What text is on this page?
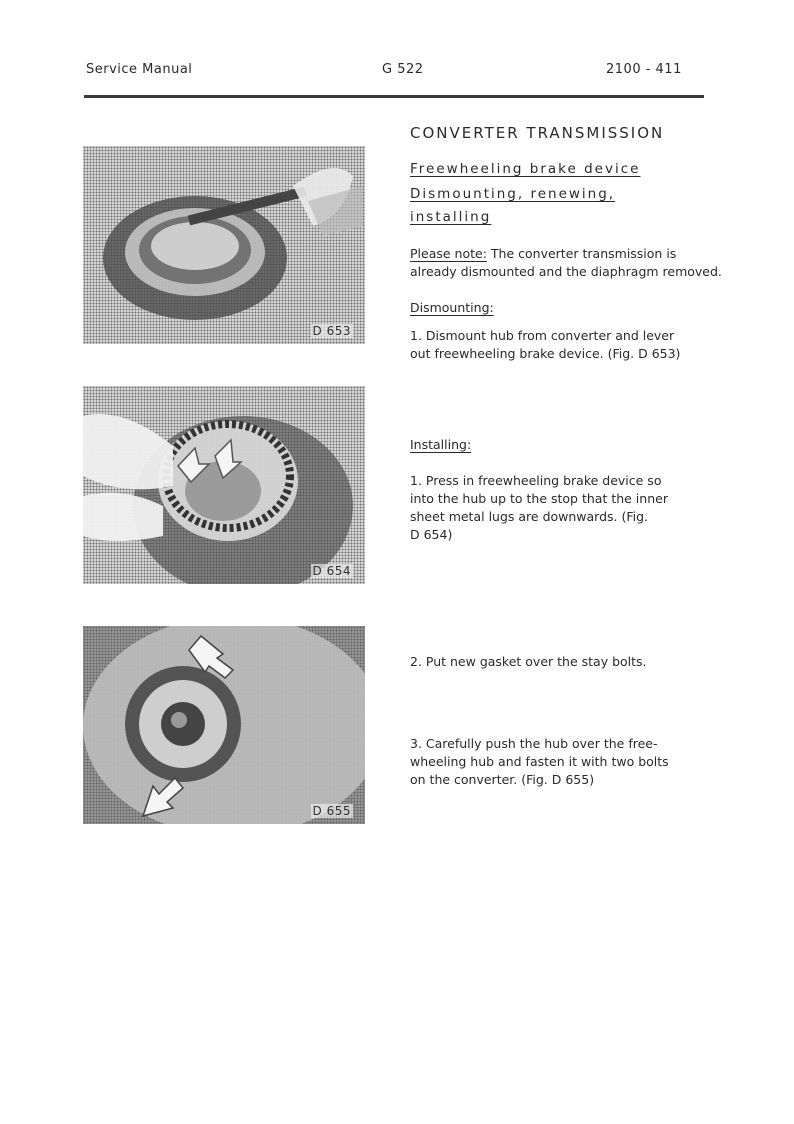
Service Manual	G 522	2100 - 411
D 653
D 654
D 655
CONVERTER TRANSMISSION
Freewheeling brake device
Dismounting, renewing,
installing
Please note: The converter transmission is
already dismounted and the diaphragm removed.
Dismounting:
1. Dismount hub from converter and lever
out freewheeling brake device. (Fig. D 653)
Installing:
1. Press in freewheeling brake device so
into the hub up to the stop that the inner
sheet metal lugs are downwards. (Fig.
D 654)
2. Put new gasket over the stay bolts.
3. Carefully push the hub over the free-
wheeling hub and fasten it with two bolts
on the converter. (Fig. D 655)
